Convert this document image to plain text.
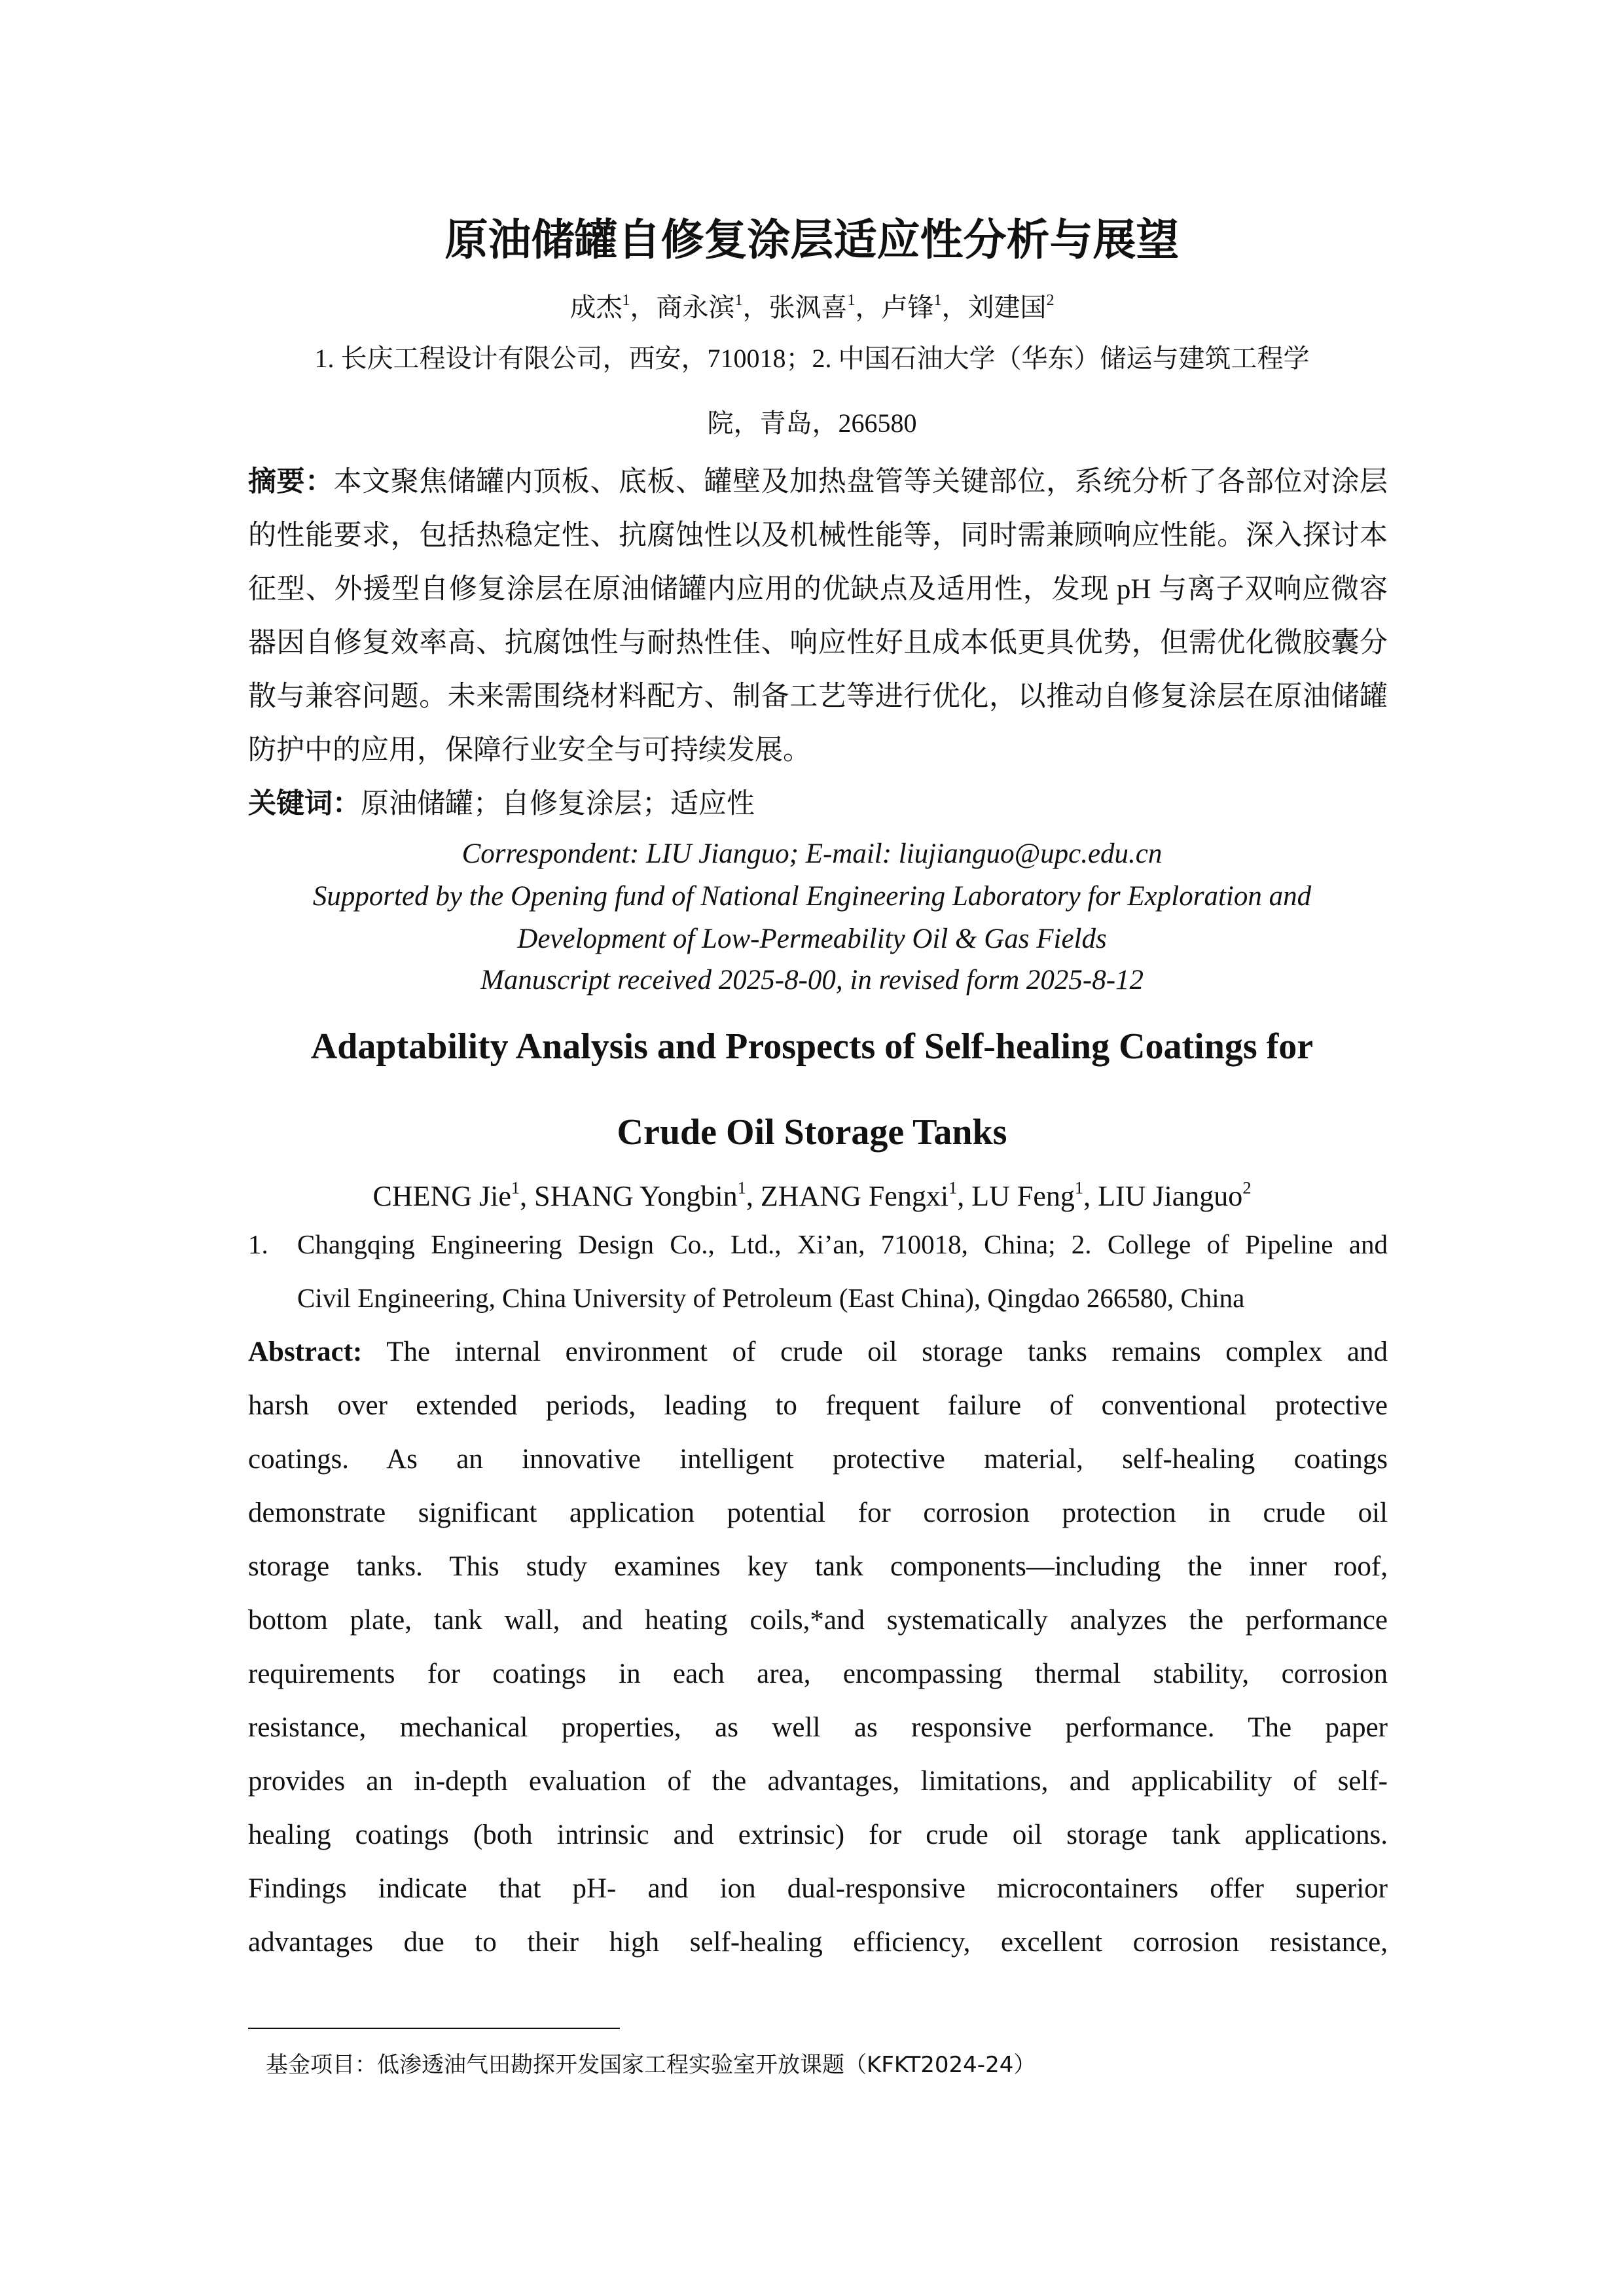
原油储罐自修复涂层适应性分析与展望
成杰$^1$，商永滨$^1$，张沨喜$^1$，卢锋$^1$，刘建国$^2$
1. 长庆工程设计有限公司，西安，710018；2. 中国石油大学（华东）储运与建筑工程学
院，青岛，266580
摘要：本文聚焦储罐内顶板、底板、罐壁及加热盘管等关键部位，系统分析了各部位对涂层
的性能要求，包括热稳定性、抗腐蚀性以及机械性能等，同时需兼顾响应性能。深入探讨本
征型、外援型自修复涂层在原油储罐内应用的优缺点及适用性，发现 pH 与离子双响应微容
器因自修复效率高、抗腐蚀性与耐热性佳、响应性好且成本低更具优势，但需优化微胶囊分
散与兼容问题。未来需围绕材料配方、制备工艺等进行优化，以推动自修复涂层在原油储罐
防护中的应用，保障行业安全与可持续发展。
关键词：原油储罐；自修复涂层；适应性
Correspondent: LIU Jianguo; E-mail: liujianguo@upc.edu.cn
Supported by the Opening fund of National Engineering Laboratory for Exploration and
Development of Low-Permeability Oil & Gas Fields
Manuscript received 2025-8-00, in revised form 2025-8-12
Adaptability Analysis and Prospects of Self-healing Coatings for
Crude Oil Storage Tanks
CHENG Jie$^1$, SHANG Yongbin$^1$, ZHANG Fengxi$^1$, LU Feng$^1$, LIU Jianguo$^2$
1. Changqing Engineering Design Co., Ltd., Xi’an, 710018, China; 2. College of Pipeline and
Civil Engineering, China University of Petroleum (East China), Qingdao 266580, China
Abstract: The internal environment of crude oil storage tanks remains complex and
harsh over extended periods, leading to frequent failure of conventional protective
coatings. As an innovative intelligent protective material, self-healing coatings
demonstrate significant application potential for corrosion protection in crude oil
storage tanks. This study examines key tank components—including the inner roof,
bottom plate, tank wall, and heating coils,*and systematically analyzes the performance
requirements for coatings in each area, encompassing thermal stability, corrosion
resistance, mechanical properties, as well as responsive performance. The paper
provides an in-depth evaluation of the advantages, limitations, and applicability of self-
healing coatings (both intrinsic and extrinsic) for crude oil storage tank applications.
Findings indicate that pH- and ion dual-responsive microcontainers offer superior
advantages due to their high self-healing efficiency, excellent corrosion resistance,
基金项目：低渗透油气田勘探开发国家工程实验室开放课题（KFKT2024-24）
